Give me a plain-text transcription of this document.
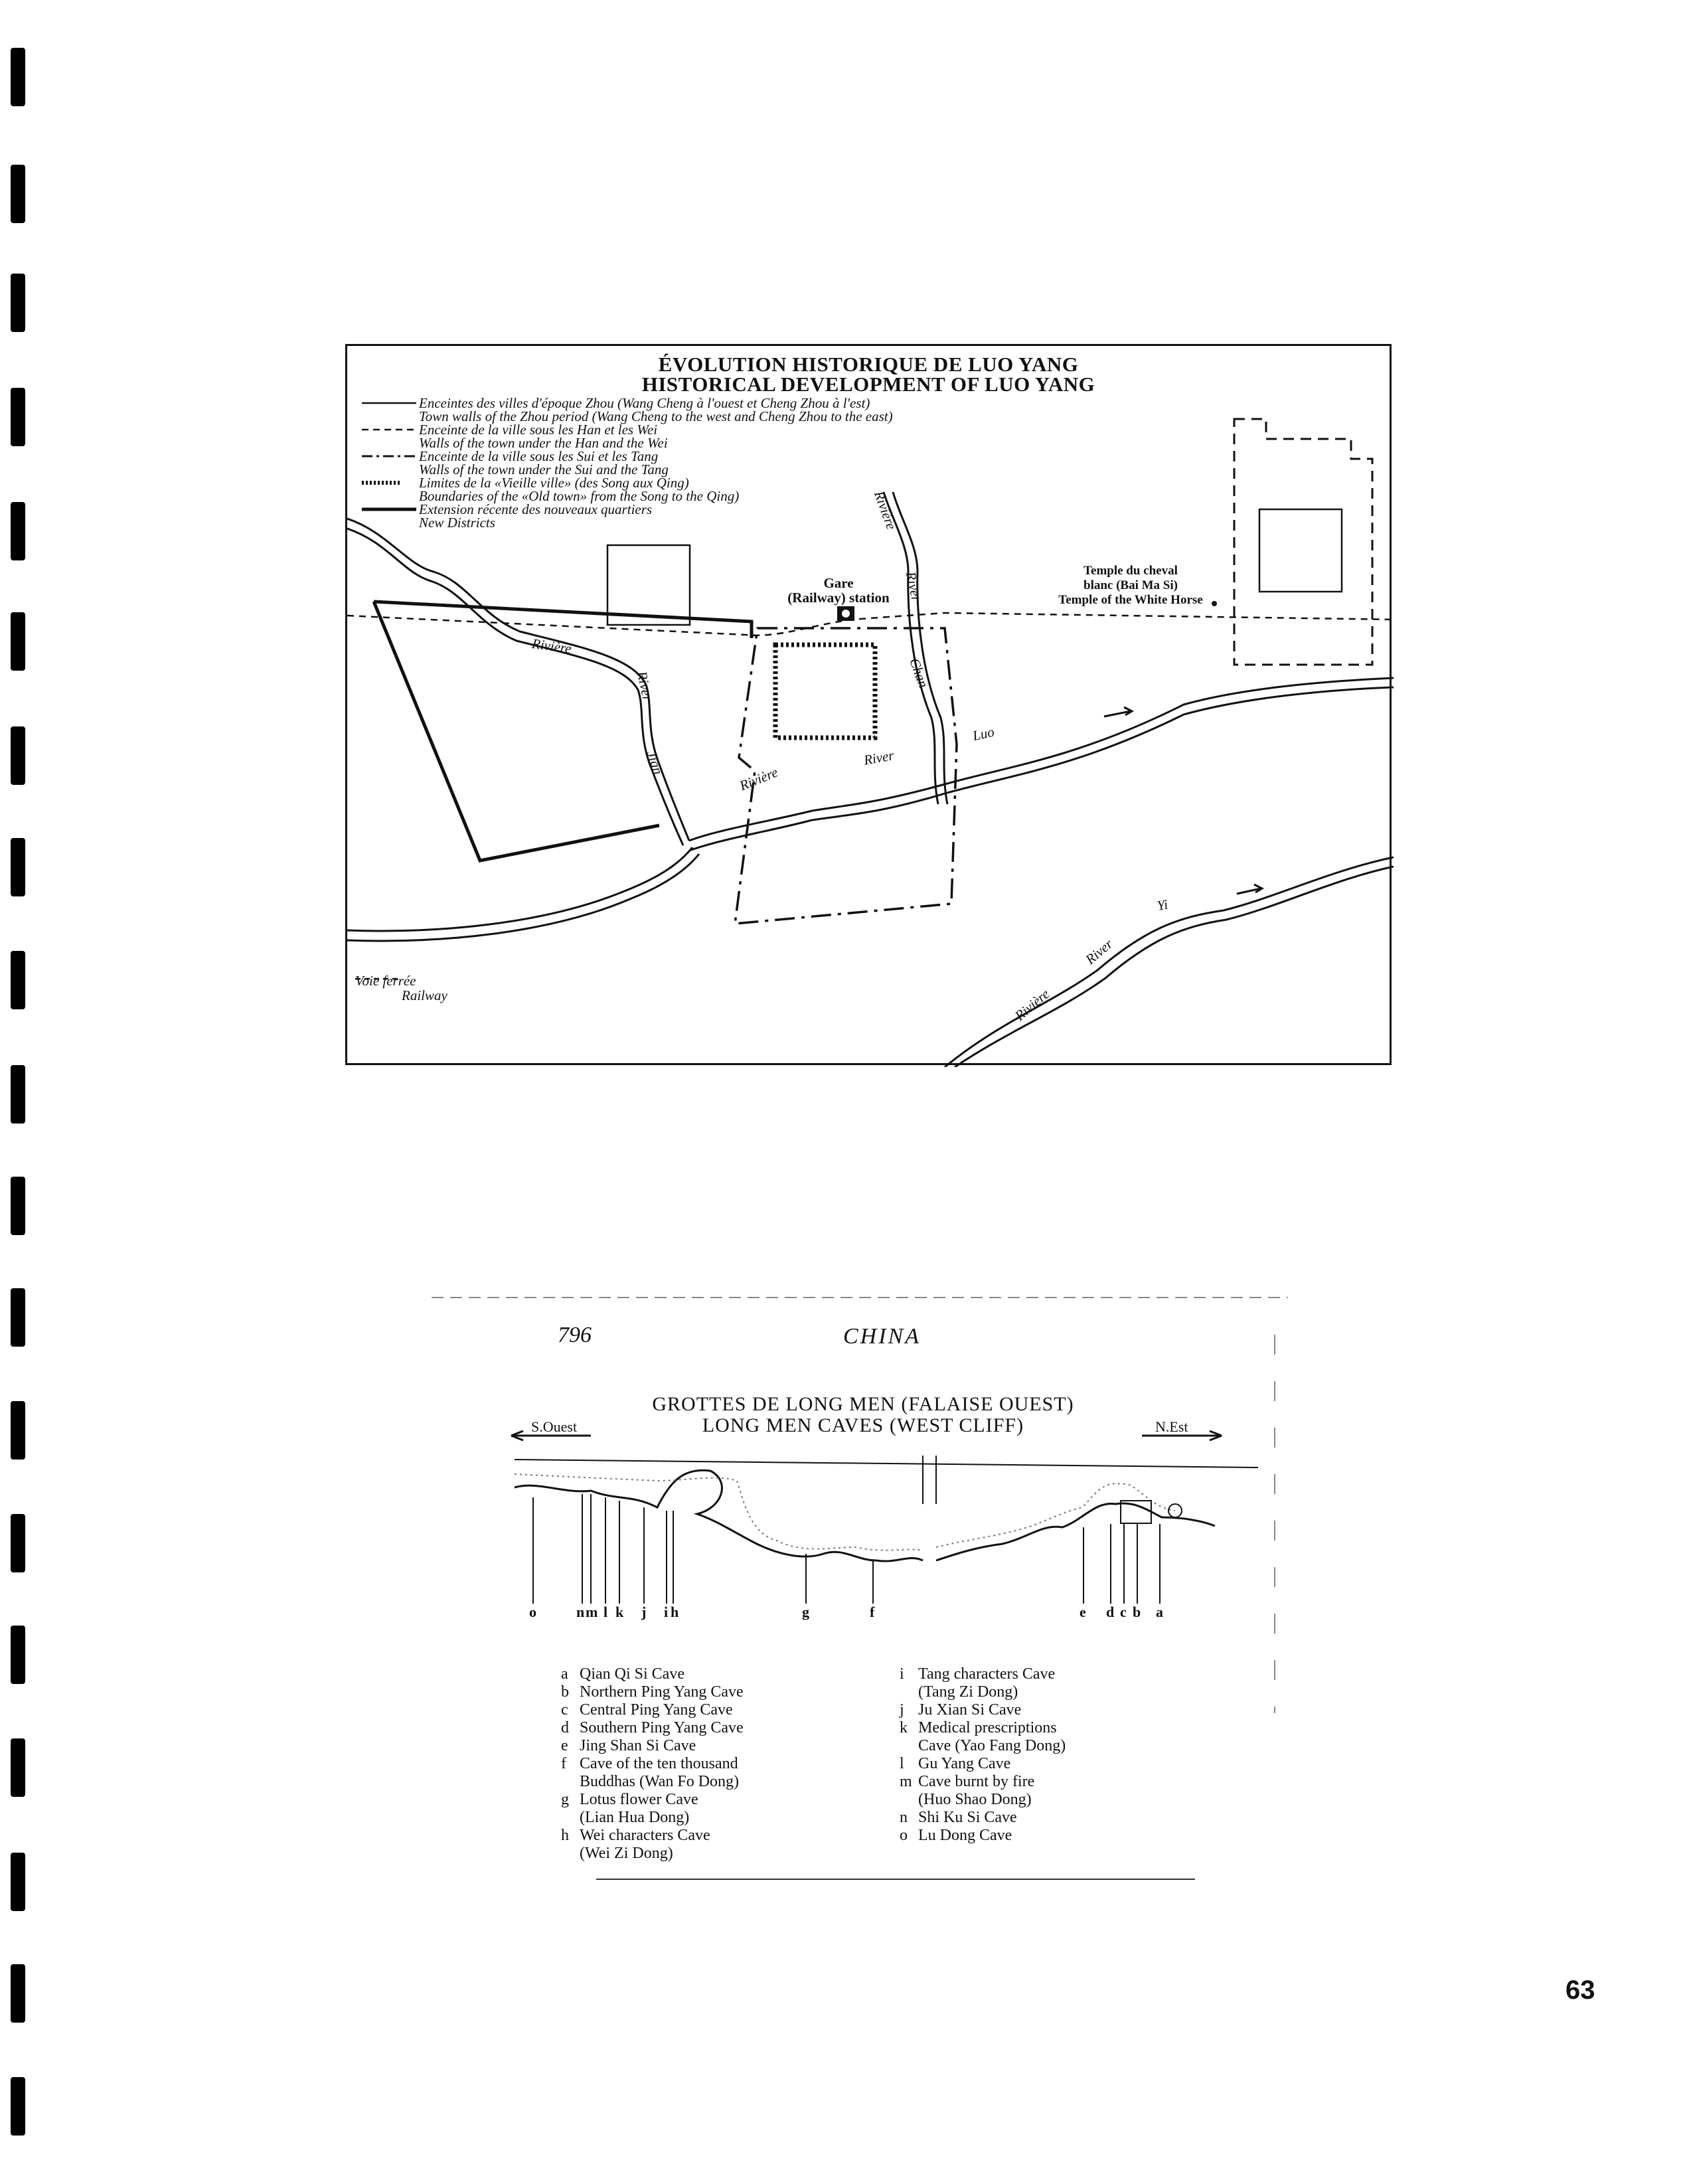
ÉVOLUTION HISTORIQUE DE LUO YANG
HISTORICAL DEVELOPMENT OF LUO YANG
Enceintes des villes d'époque Zhou (Wang Cheng à l'ouest et Cheng Zhou à l'est)
Town walls of the Zhou period (Wang Cheng to the west and Cheng Zhou to the east)
Enceinte de la ville sous les Han et les Wei
Walls of the town under the Han and the Wei
Enceinte de la ville sous les Sui et les Tang
Walls of the town under the Sui and the Tang
Limites de la «Vieille ville» (des Song aux Qing)
Boundaries of the «Old town» from the Song to the Qing)
Extension récente des nouveaux quartiers
New Districts
Gare
(Railway) station
Temple du cheval
blanc (Bai Ma Si)
Temple of the White Horse
Rivière
River
Chan
Rivière
River
Jian
Rivière
River
Luo
Rivière
River
Yi
Voie ferrée
Railway
796	CHINA
GROTTES DE LONG MEN (FALAISE OUEST)
LONG MEN CAVES (WEST CLIFF)
S.Ouest	N.Est
o	n m l k j i h	g	f	e d c b a
a Qian Qi Si Cave
b Northern Ping Yang Cave
c Central Ping Yang Cave
d Southern Ping Yang Cave
e Jing Shan Si Cave
f Cave of the ten thousand
Buddhas (Wan Fo Dong)
g Lotus flower Cave
(Lian Hua Dong)
h Wei characters Cave
(Wei Zi Dong)
i Tang characters Cave
(Tang Zi Dong)
j Ju Xian Si Cave
k Medical prescriptions
Cave (Yao Fang Dong)
l Gu Yang Cave
m Cave burnt by fire
(Huo Shao Dong)
n Shi Ku Si Cave
o Lu Dong Cave
63
